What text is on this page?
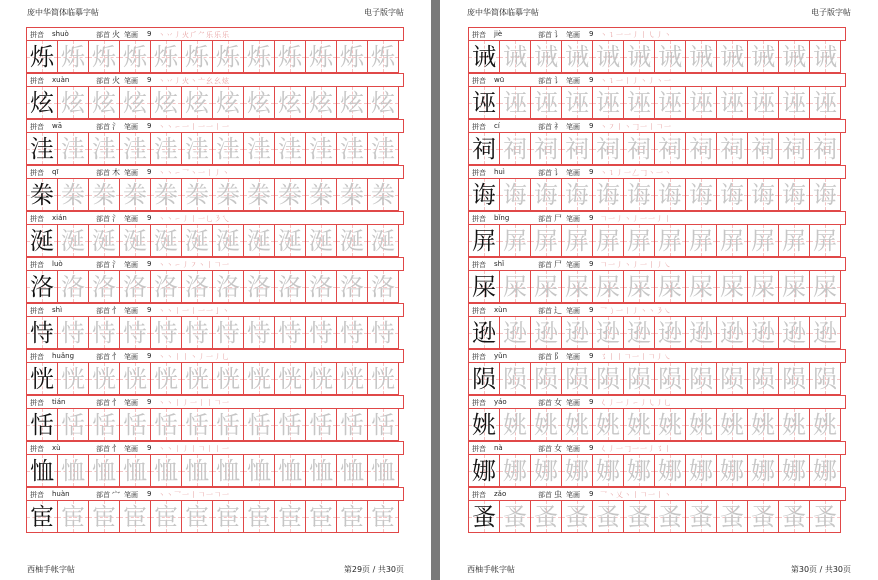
庞中华简体临摹字帖	电子版字帖
拼音 shuò	部首 火 笔画 9 丶丷丿火⺁⺈乐乐乐
烁 烁 烁 烁 烁 烁 烁 烁 烁 烁 烁 烁
拼音 xuàn	部首 火 笔画 9 丶丷丿火丶亠幺幺炫
炫 炫 炫 炫 炫 炫 炫 炫 炫 炫 炫 炫
拼音 wā	部首 氵 笔画 9 丶丶㇀一丨一一丨一
洼 洼 洼 洼 洼 洼 洼 洼 洼 洼 洼 洼
拼音 qī	部首 木 笔画 9 丶丶㇀乛丶一丨丿丶
桊 桊 桊 桊 桊 桊 桊 桊 桊 桊 桊 桊
拼音 xián	部首 氵 笔画 9 丶丶㇀丿丨一乚㇋乀
涎 涎 涎 涎 涎 涎 涎 涎 涎 涎 涎 涎
拼音 luò	部首 氵 笔画 9 丶丶㇀丿㇇丶丨𠃍一
洛 洛 洛 洛 洛 洛 洛 洛 洛 洛 洛 洛
拼音 shì	部首 忄 笔画 9 丶丶丨一丨一一亅丶
恃 恃 恃 恃 恃 恃 恃 恃 恃 恃 恃 恃
拼音 huǎng	部首 忄 笔画 9 丶丶丨丨丶丿一丿乚
恍 恍 恍 恍 恍 恍 恍 恍 恍 恍 恍 恍
拼音 tián	部首 忄 笔画 9 丶丶丨丿一丨丨𠃍一
恬 恬 恬 恬 恬 恬 恬 恬 恬 恬 恬 恬
拼音 xù	部首 忄 笔画 9 丶丶丨丿丨𠃍丨丨一
恤 恤 恤 恤 恤 恤 恤 恤 恤 恤 恤 恤
拼音 huàn	部首 宀 笔画 9 丶丶乛一丨𠃍一𠃍一
宦 宦 宦 宦 宦 宦 宦 宦 宦 宦 宦 宦
西柚手帐字帖	第29页 / 共30页
庞中华简体临摹字帖	电子版字帖
拼音 jiè	部首 讠 笔画 9 丶㇊一一丿丨㇂丿丶
诫 诫 诫 诫 诫 诫 诫 诫 诫 诫 诫 诫
拼音 wū	部首 讠 笔画 9 丶㇊一丨丿丶丿丶一
诬 诬 诬 诬 诬 诬 诬 诬 诬 诬 诬 诬
拼音 cí	部首 礻 笔画 9 丶㇇丨丶𠃌一丨𠃍一
祠 祠 祠 祠 祠 祠 祠 祠 祠 祠 祠 祠
拼音 huì	部首 讠 笔画 9 丶㇊丿一𠃋𠃌丶一丶
诲 诲 诲 诲 诲 诲 诲 诲 诲 诲 诲 诲
拼音 bǐng	部首 尸 笔画 9 𠃍一丿丶丿一一丿丨
屏 屏 屏 屏 屏 屏 屏 屏 屏 屏 屏 屏
拼音 shǐ	部首 尸 笔画 9 𠃍一丿丶丿一丨丿㇏
屎 屎 屎 屎 屎 屎 屎 屎 屎 屎 屎 屎
拼音 xùn	部首 辶 笔画 9 乛㇁一丨丿丶丶㇋㇏
逊 逊 逊 逊 逊 逊 逊 逊 逊 逊 逊 逊
拼音 yǔn	部首 阝 笔画 9 ㇌丨丨𠃍一丨𠃍丿㇏
陨 陨 陨 陨 陨 陨 陨 陨 陨 陨 陨 陨
拼音 yáo	部首 女 笔画 9 𡿨丿一丿㇀丿㇂丿乚
姚 姚 姚 姚 姚 姚 姚 姚 姚 姚 姚 姚
拼音 nà	部首 女 笔画 9 𡿨丿一𠃌一一丿㇌丨
娜 娜 娜 娜 娜 娜 娜 娜 娜 娜 娜 娜
拼音 zǎo	部首 虫 笔画 9 乛丶乂丶丨𠃍一丨丶
蚤 蚤 蚤 蚤 蚤 蚤 蚤 蚤 蚤 蚤 蚤 蚤
西柚手帐字帖	第30页 / 共30页
